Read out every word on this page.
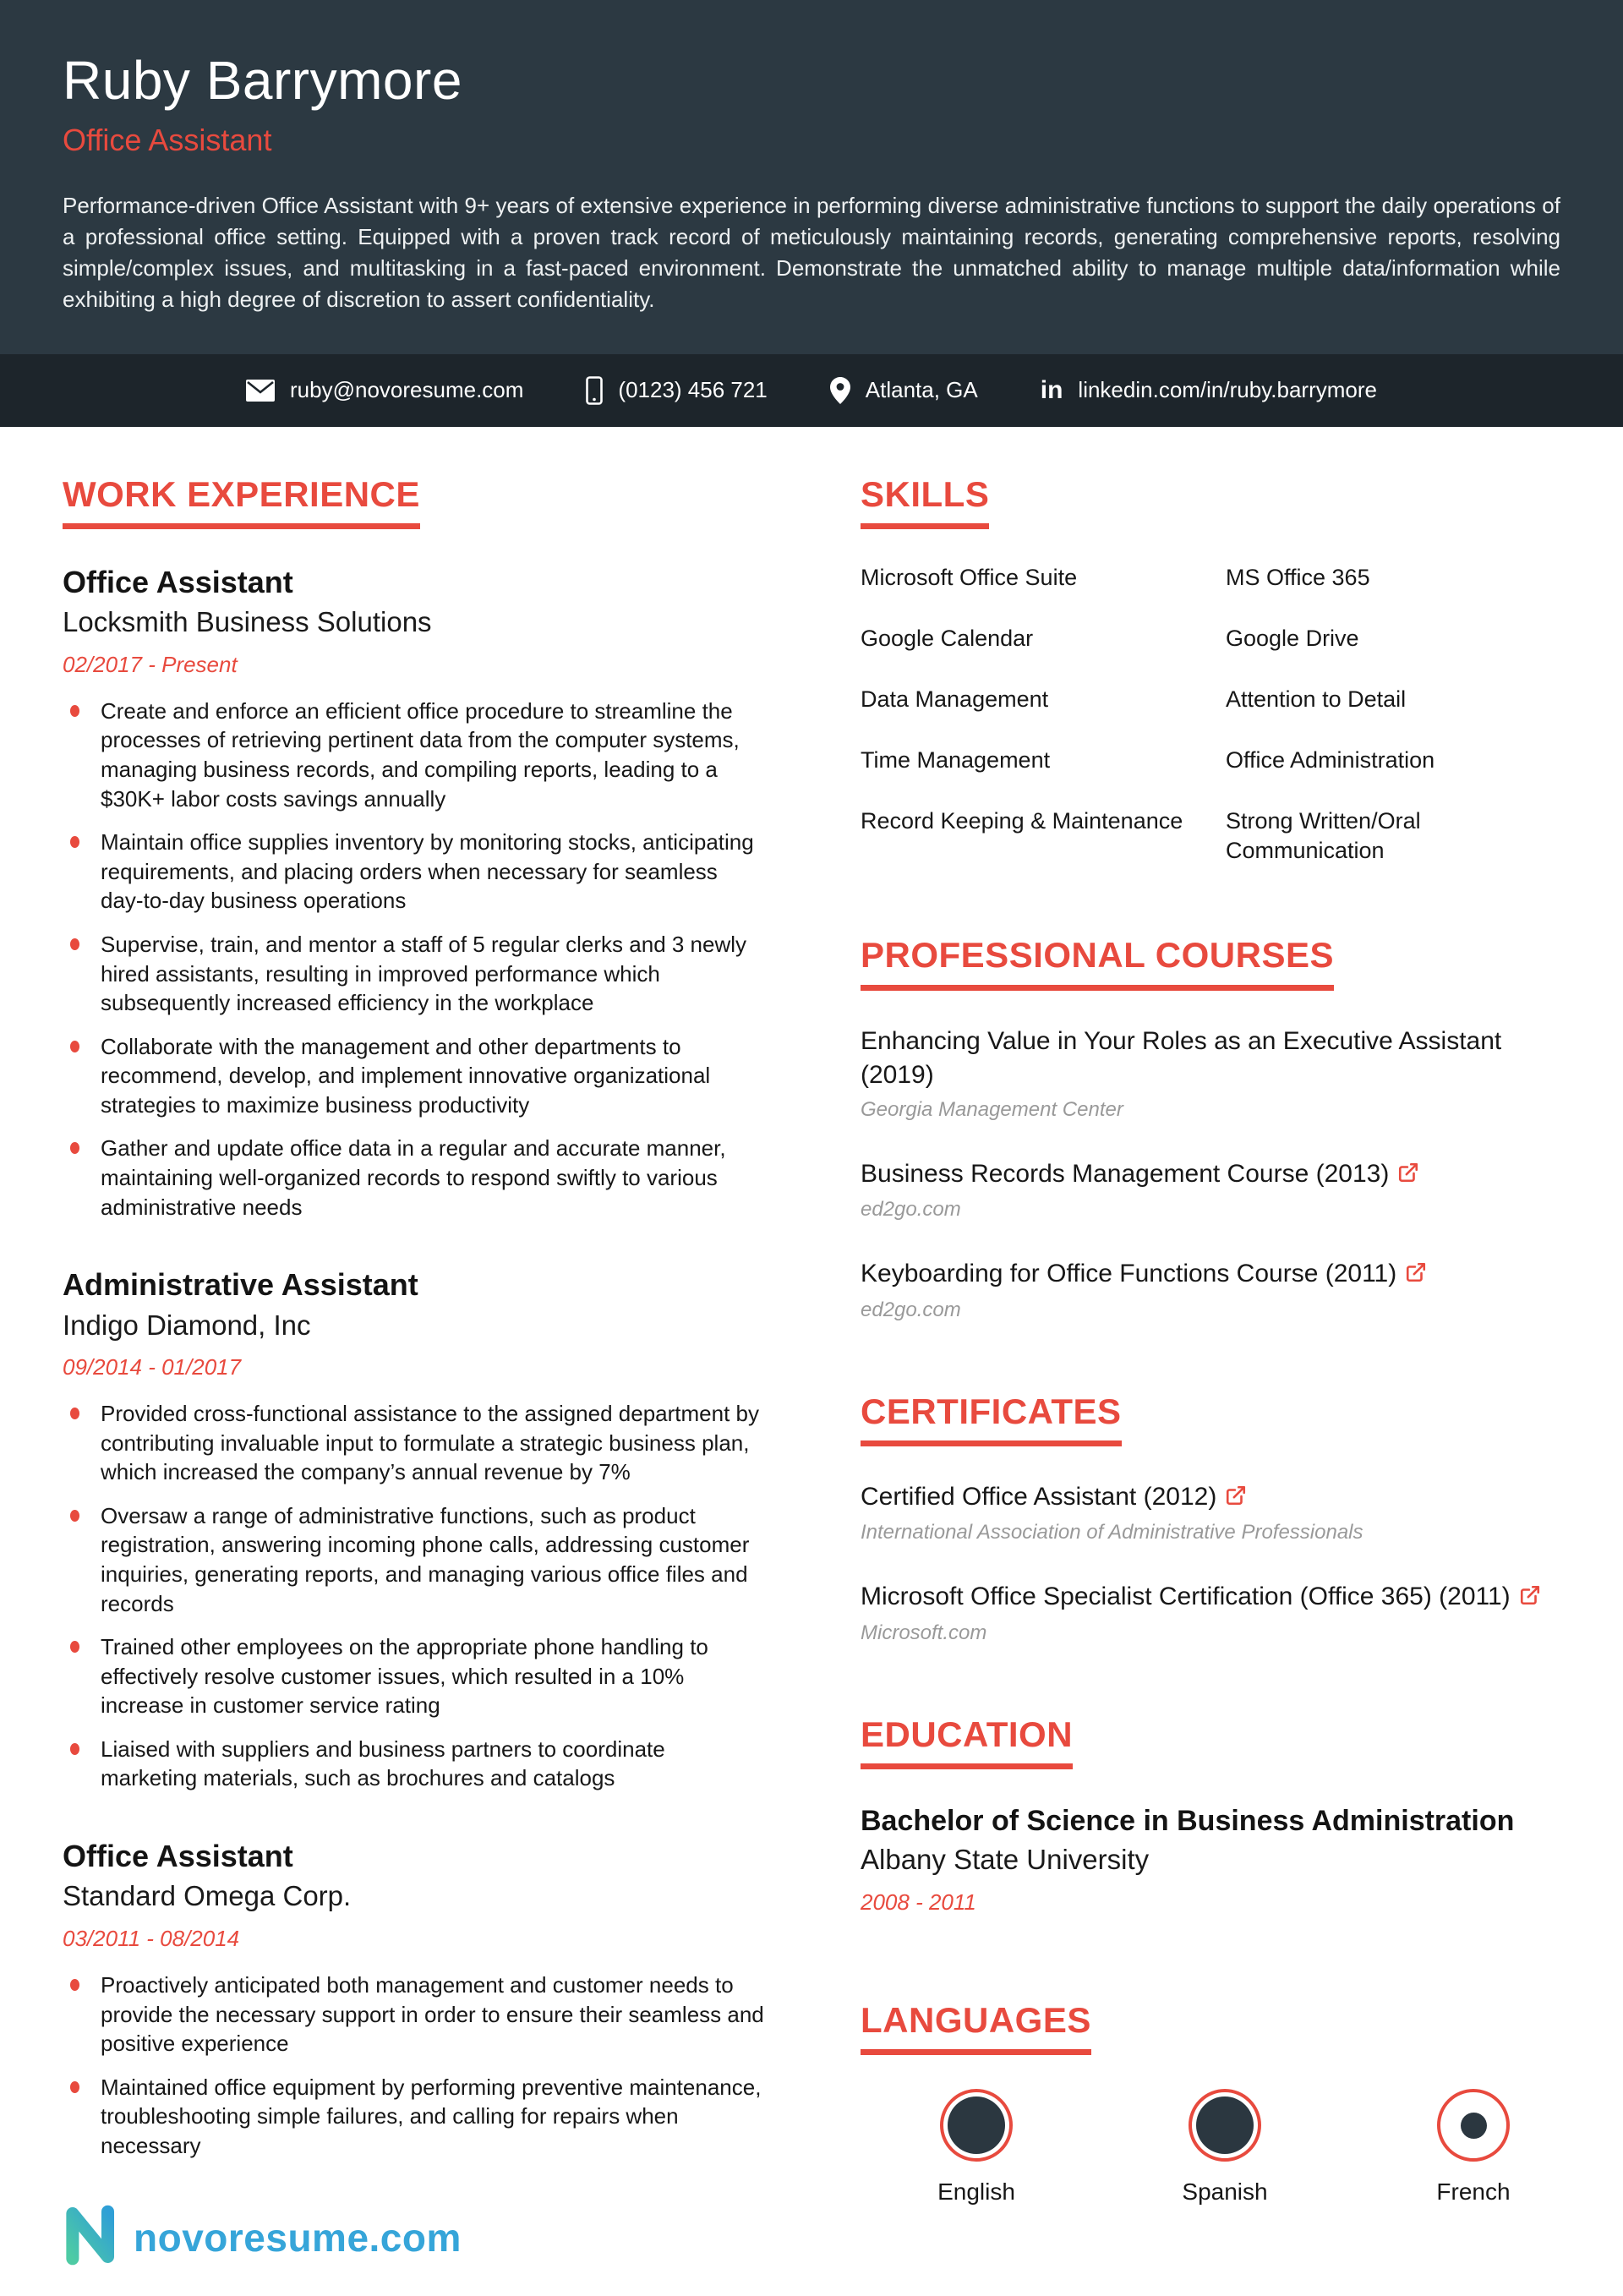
Ruby Barrymore
Office Assistant

Performance-driven Office Assistant with 9+ years of extensive experience in performing diverse administrative functions to support the daily operations of a professional office setting. Equipped with a proven track record of meticulously maintaining records, generating comprehensive reports, resolving simple/complex issues, and multitasking in a fast-paced environment. Demonstrate the unmatched ability to manage multiple data/information while exhibiting a high degree of discretion to assert confidentiality.

ruby@novoresume.com	(0123) 456 721	Atlanta, GA in linkedin.com/in/ruby.barrymore
WORK EXPERIENCE
Office Assistant
Locksmith Business Solutions
02/2017 - Present
Create and enforce an efficient office procedure to streamline the processes of retrieving pertinent data from the computer systems, managing business records, and compiling reports, leading to a $30K+ labor costs savings annually
Maintain office supplies inventory by monitoring stocks, anticipating requirements, and placing orders when necessary for seamless day-to-day business operations
Supervise, train, and mentor a staff of 5 regular clerks and 3 newly hired assistants, resulting in improved performance which subsequently increased efficiency in the workplace
Collaborate with the management and other departments to recommend, develop, and implement innovative organizational strategies to maximize business productivity
Gather and update office data in a regular and accurate manner, maintaining well-organized records to respond swiftly to various administrative needs
Administrative Assistant
Indigo Diamond, Inc
09/2014 - 01/2017
Provided cross-functional assistance to the assigned department by contributing invaluable input to formulate a strategic business plan, which increased the company’s annual revenue by 7%
Oversaw a range of administrative functions, such as product registration, answering incoming phone calls, addressing customer inquiries, generating reports, and managing various office files and records
Trained other employees on the appropriate phone handling to effectively resolve customer issues, which resulted in a 10% increase in customer service rating
Liaised with suppliers and business partners to coordinate marketing materials, such as brochures and catalogs
Office Assistant
Standard Omega Corp.
03/2011 - 08/2014
Proactively anticipated both management and customer needs to provide the necessary support in order to ensure their seamless and positive experience
Maintained office equipment by performing preventive maintenance, troubleshooting simple failures, and calling for repairs when necessary
SKILLS
Microsoft Office Suite	MS Office 365
Google Calendar	Google Drive
Data Management	Attention to Detail
Time Management	Office Administration
Record Keeping & Maintenance	Strong Written/Oral Communication
PROFESSIONAL COURSES
Enhancing Value in Your Roles as an Executive Assistant (2019)
Georgia Management Center
Business Records Management Course (2013)
ed2go.com
Keyboarding for Office Functions Course (2011)
ed2go.com
CERTIFICATES
Certified Office Assistant (2012)
International Association of Administrative Professionals
Microsoft Office Specialist Certification (Office 365) (2011)
Microsoft.com
EDUCATION
Bachelor of Science in Business Administration
Albany State University
2008 - 2011
LANGUAGES
English	Spanish	French
novoresume.com
